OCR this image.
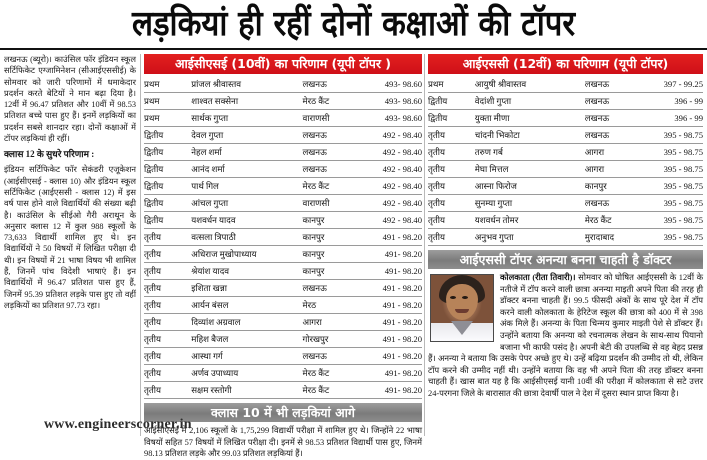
लड़कियां ही रहीं दोनों कक्षाओं की टॉपर

लखनऊ (ब्यूरो)। काउंसिल फॉर इंडियन स्कूल सर्टिफिकेट एग्जामिनेशन (सीआईएससीई) के सोमवार को जारी परिणामों में धमाकेदार प्रदर्शन करते बेटियों ने मान बढ़ा दिया है। 12वीं में 96.47 प्रतिशत और 10वीं में 98.53 प्रतिशत बच्चे पास हुए हैं। इनमें लड़कियों का प्रदर्शन सबसे शानदार रहा। दोनों कक्षाओं में टॉपर लड़कियां ही रहीं।

क्लास 12 के सुधरे परिणाम :

इंडियन सर्टिफिकेट फॉर सेकंडरी एजूकेशन (आईसीएसई - क्लास 10) और इंडियन स्कूल सर्टिफिकेट (आईएससी - क्लास 12) में इस वर्ष पास होने वाले विद्यार्थियों की संख्या बढ़ी है। काउंसिल के सीईओ गैरी अराथून के अनुसार क्लास 12 में कुल 988 स्कूलों के 73,633 विद्यार्थी शामिल हुए थे। इन विद्यार्थियों ने 50 विषयों में लिखित परीक्षा दी थी। इन विषयों में 21 भाषा विषय भी शामिल हैं, जिनमें पांच विदेशी भाषाएं हैं। इन विद्यार्थियों में 96.47 प्रतिशत पास हुए हैं, जिनमें 95.39 प्रतिशत लड़के पास हुए तो वहीं लड़कियों का प्रतिशत 97.73 रहा।

आईसीएसई (10वीं) का परिणाम (यूपी टॉपर )
प्रथम	प्रांजल श्रीवास्तव	लखनऊ	493- 98.60
प्रथम	शाश्वत सक्सेना	मेरठ कैंट	493- 98.60
प्रथम	सार्थक गुप्ता	वाराणसी	493- 98.60
द्वितीय	देवल गुप्ता	लखनऊ	492 - 98.40
द्वितीय	नेहल शर्मा	लखनऊ	492 - 98.40
द्वितीय	आनंद शर्मा	लखनऊ	492 - 98.40
द्वितीय	पार्थ गिल	मेरठ कैंट	492 - 98.40
द्वितीय	आंचल गुप्ता	वाराणसी	492 - 98.40
द्वितीय	यशवर्धन यादव	कानपुर	492 - 98.40
तृतीय	वत्सला त्रिपाठी	कानपुर	491 - 98.20
तृतीय	अधिराज मुखोपाध्याय	कानपुर	491- 98.20
तृतीय	श्रेयांश यादव	कानपुर	491- 98.20
तृतीय	इशिता खन्ना	लखनऊ	491 - 98.20
तृतीय	आर्यन बंसल	मेरठ	491 - 98.20
तृतीय	दिव्यांश अग्रवाल	आगरा	491 - 98.20
तृतीय	महिश बैजल	गोरखपुर	491 - 98.20
तृतीय	आस्था गर्ग	लखनऊ	491 - 98.20
तृतीय	अर्णव उपाध्याय	मेरठ कैंट	491- 98.20
तृतीय	सक्षम रस्तोगी	मेरठ कैंट	491- 98.20
क्लास 10 में भी लड़कियां आगे
आईसीएसई में 2,106 स्कूलों के 1,75,299 विद्यार्थी परीक्षा में शामिल हुए थे। जिन्होंने 22 भाषा विषयों सहित 57 विषयों में लिखित परीक्षा दी। इनमें से 98.53 प्रतिशत विद्यार्थी पास हुए, जिनमें 98.13 प्रतिशत लड़के और 99.03 प्रतिशत लड़कियां हैं।
आईएससी (12वीं) का परिणाम (यूपी टॉपर)
प्रथम	आयुषी श्रीवास्तव	लखनऊ	397 - 99.25
द्वितीय	वेदांशी गुप्ता	लखनऊ	396 - 99
द्वितीय	युक्ता मीणा	लखनऊ	396 - 99
तृतीय	चांदनी भिकोटा	लखनऊ	395 - 98.75
तृतीय	तरुण गर्ब	आगरा	395 - 98.75
तृतीय	मेघा मित्तल	आगरा	395 - 98.75
तृतीय	आस्ना फिरोज	कानपुर	395 - 98.75
तृतीय	सुनम्या गुप्ता	लखनऊ	395 - 98.75
तृतीय	यशवर्धन तोमर	मेरठ कैंट	395 - 98.75
तृतीय	अनुभव गुप्ता	मुरादाबाद	395 - 98.75
आईएससी टॉपर अनन्या बनना चाहती है डॉक्टर
कोलकाता (रीता तिवारी)। सोमवार को घोषित आईएससी के 12वीं के नतीजे में टॉप करने वाली छात्रा अनन्या माइती अपने पिता की तरह ही डॉक्टर बनना चाहती हैं। 99.5 फीसदी अंकों के साथ पूरे देश में टॉप करने वाली कोलकाता के हेरिटेज स्कूल की छात्रा को 400 में से 398 अंक मिले हैं। अनन्या के पिता चिन्मय कुमार माइती पेशे से डॉक्टर हैं। उन्होंने बताया कि अनन्या को रचनात्मक लेखन के साथ-साथ पियानो बजाना भी काफी पसंद है। अपनी बेटी की उपलब्धि से वह बेहद प्रसन्न हैं। अनन्या ने बताया कि उसके पेपर अच्छे हुए थे। उन्हें बढ़िया प्रदर्शन की उम्मीद तो थी, लेकिन टॉप करने की उम्मीद नहीं थी। उन्होंने बताया कि वह भी अपने पिता की तरह डॉक्टर बनना चाहती हैं। खास बात यह है कि आईसीएसई यानी 10वीं की परीक्षा में कोलकाता से सटे उत्तर 24-परगना जिले के बारासात की छात्रा देवार्षी पाल ने देश में दूसरा स्थान प्राप्त किया है।
www.engineerscorner.in
